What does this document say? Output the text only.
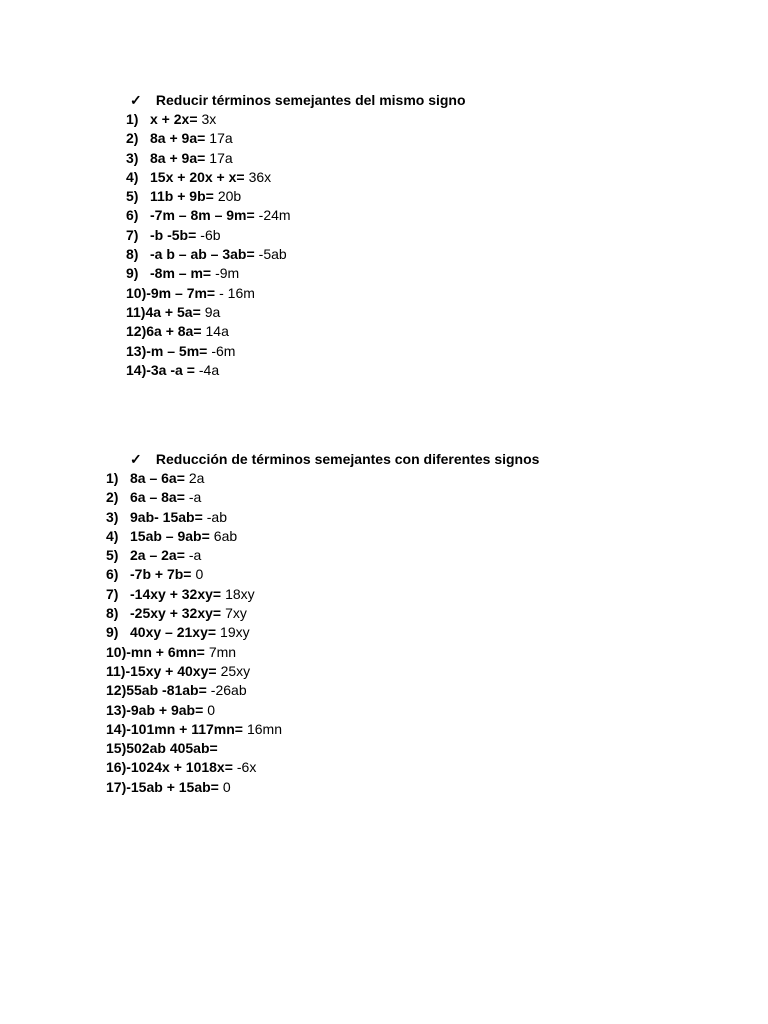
✓ Reducir términos semejantes del mismo signo
1) x + 2x= 3x
2) 8a + 9a= 17a
3) 8a + 9a= 17a
4) 15x + 20x + x= 36x
5) 11b + 9b= 20b
6) -7m – 8m – 9m= -24m
7) -b -5b= -6b
8) -a b – ab – 3ab= -5ab
9) -8m – m= -9m
10)-9m – 7m= - 16m
11)4a + 5a= 9a
12)6a + 8a= 14a
13)-m – 5m= -6m
14)-3a -a = -4a
✓ Reducción de términos semejantes con diferentes signos
1) 8a – 6a= 2a
2) 6a – 8a= -a
3) 9ab- 15ab= -ab
4) 15ab – 9ab= 6ab
5) 2a – 2a= -a
6) -7b + 7b= 0
7) -14xy + 32xy= 18xy
8) -25xy + 32xy= 7xy
9) 40xy – 21xy= 19xy
10)-mn + 6mn= 7mn
11)-15xy + 40xy= 25xy
12)55ab -81ab= -26ab
13)-9ab + 9ab= 0
14)-101mn + 117mn= 16mn
15)502ab 405ab=
16)-1024x + 1018x= -6x
17)-15ab + 15ab= 0
